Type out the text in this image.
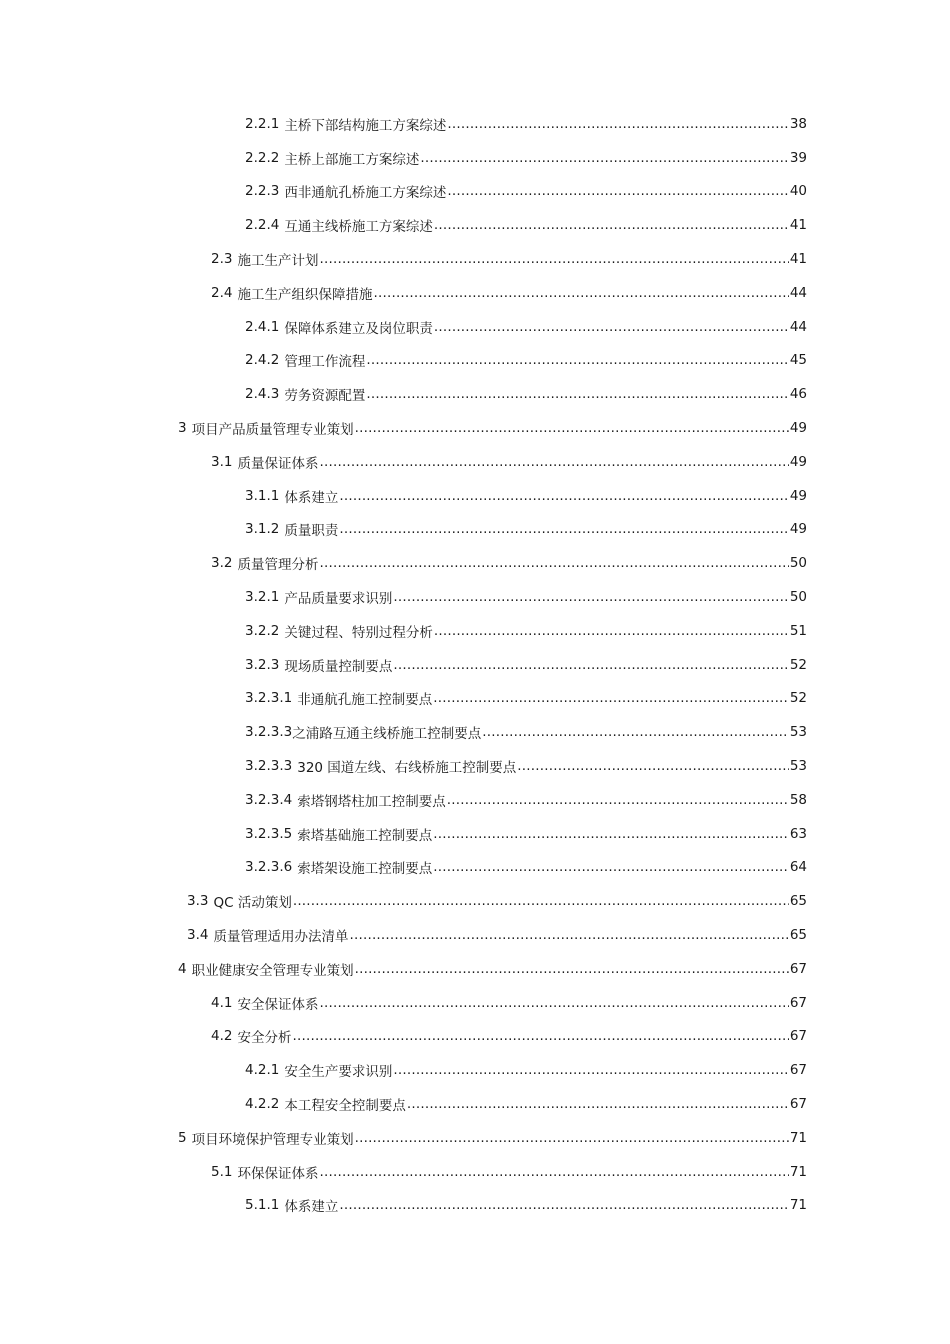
2.2.1 主桥下部结构施工方案综述 .....	38
2.2.2 主桥上部施工方案综述 .....	39
2.2.3 西非通航孔桥施工方案综述 .....	40
2.2.4 互通主线桥施工方案综述 .....	41
2.3 施工生产计划 .....	41
2.4 施工生产组织保障措施 .....	44
2.4.1 保障体系建立及岗位职责 .....	44
2.4.2 管理工作流程 .....	45
2.4.3 劳务资源配置 .....	46
3 项目产品质量管理专业策划 .....	49
3.1 质量保证体系 .....	49
3.1.1 体系建立 .....	49
3.1.2 质量职责 .....	49
3.2 质量管理分析 .....	50
3.2.1 产品质量要求识别 .....	50
3.2.2 关键过程、特别过程分析 .....	51
3.2.3 现场质量控制要点 .....	52
3.2.3.1 非通航孔施工控制要点 .....	52
3.2.3.3 之浦路互通主线桥施工控制要点 .....	53
3.2.3.3 320 国道左线、右线桥施工控制要点 .....	53
3.2.3.4 索塔钢塔柱加工控制要点 .....	58
3.2.3.5 索塔基础施工控制要点 .....	63
3.2.3.6 索塔架设施工控制要点 .....	64
3.3 QC 活动策划 .....	65
3.4 质量管理适用办法清单 .....	65
4 职业健康安全管理专业策划 .....	67
4.1 安全保证体系 .....	67
4.2 安全分析 .....	67
4.2.1 安全生产要求识别 .....	67
4.2.2 本工程安全控制要点 .....	67
5 项目环境保护管理专业策划 .....	71
5.1 环保保证体系 .....	71
5.1.1 体系建立 .....	71
